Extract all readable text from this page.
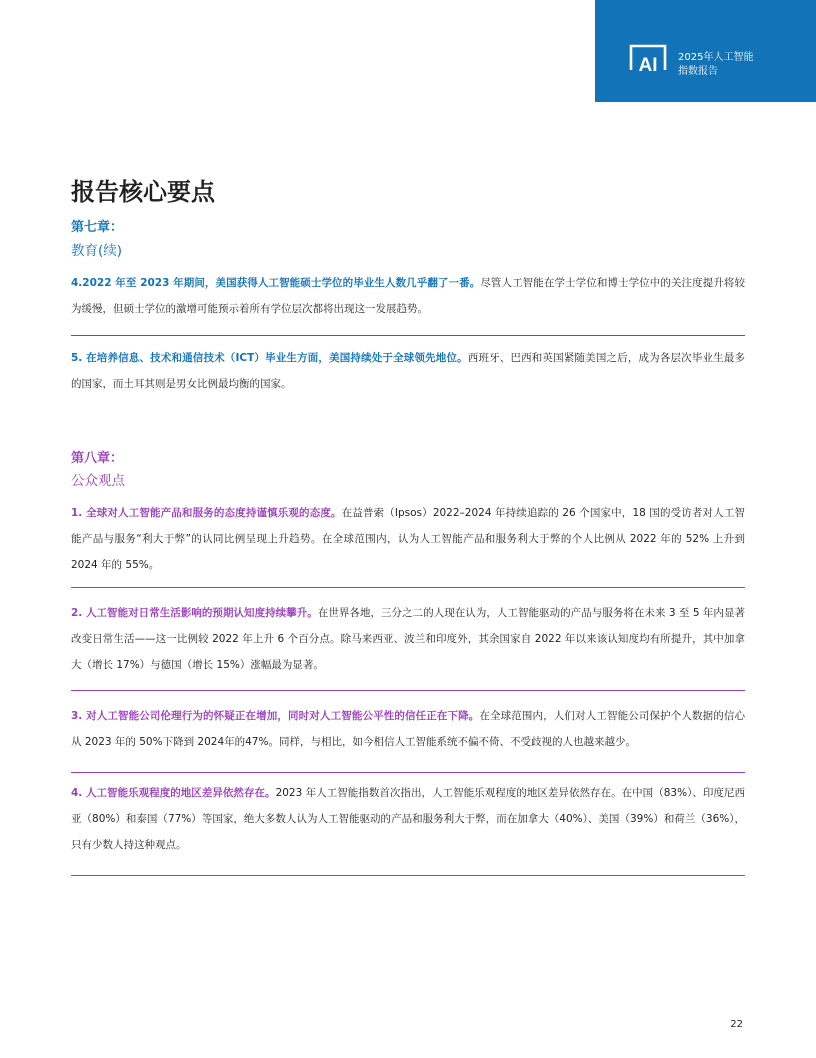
AI 2025年人工智能
指数报告
报告核心要点
第七章：
教育(续)

4.2022 年至 2023 年期间，美国获得人工智能硕士学位的毕业生人数几乎翻了一番。尽管人工智能在学士学位和博士学位中的关注度提升将较为缓慢，但硕士学位的激增可能预示着所有学位层次都将出现这一发展趋势。

5. 在培养信息、技术和通信技术（ICT）毕业生方面，美国持续处于全球领先地位。西班牙、巴西和英国紧随美国之后，成为各层次毕业生最多的国家，而土耳其则是男女比例最均衡的国家。

第八章：
公众观点

1. 全球对人工智能产品和服务的态度持谨慎乐观的态度。在益普索（Ipsos）2022–2024 年持续追踪的 26 个国家中，18 国的受访者对人工智能产品与服务“利大于弊”的认同比例呈现上升趋势。在全球范围内，认为人工智能产品和服务利大于弊的个人比例从 2022 年的 52% 上升到 2024 年的 55%。

2. 人工智能对日常生活影响的预期认知度持续攀升。在世界各地，三分之二的人现在认为，人工智能驱动的产品与服务将在未来 3 至 5 年内显著改变日常生活——这一比例较 2022 年上升 6 个百分点。除马来西亚、波兰和印度外，其余国家自 2022 年以来该认知度均有所提升，其中加拿大（增长 17%）与德国（增长 15%）涨幅最为显著。

3. 对人工智能公司伦理行为的怀疑正在增加，同时对人工智能公平性的信任正在下降。在全球范围内，人们对人工智能公司保护个人数据的信心从 2023 年的 50%下降到 2024年的47%。同样，与相比，如今相信人工智能系统不偏不倚、不受歧视的人也越来越少。

4. 人工智能乐观程度的地区差异依然存在。2023 年人工智能指数首次指出，人工智能乐观程度的地区差异依然存在。在中国（83%）、印度尼西亚（80%）和泰国（77%）等国家，绝大多数人认为人工智能驱动的产品和服务利大于弊，而在加拿大（40%）、美国（39%）和荷兰（36%），只有少数人持这种观点。

22
